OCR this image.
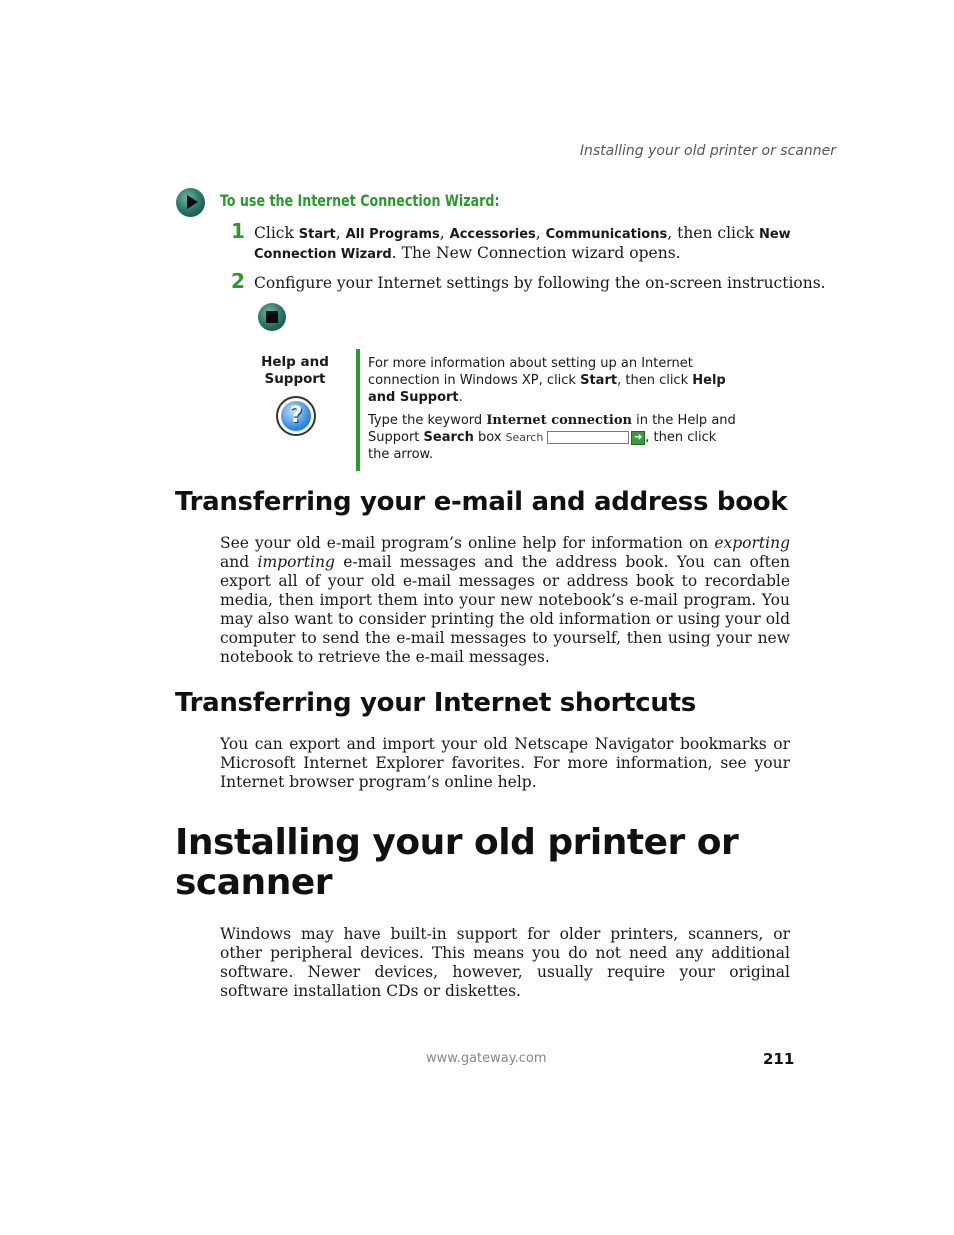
Installing your old printer or scanner
To use the Internet Connection Wizard:
1 Click Start, All Programs, Accessories, Communications, then click New Connection Wizard. The New Connection wizard opens.
2 Configure your Internet settings by following the on-screen instructions.
Help and Support
?
For more information about setting up an Internet connection in Windows XP, click Start, then click Help and Support.
Type the keyword Internet connection in the Help and Support Search box Search	➔ , then click the arrow.
Transferring your e-mail and address book
See your old e-mail program’s online help for information on exporting and importing e-mail messages and the address book. You can often export all of your old e-mail messages or address book to recordable media, then import them into your new notebook’s e-mail program. You may also want to consider printing the old information or using your old computer to send the e-mail messages to yourself, then using your new notebook to retrieve the e-mail messages.
Transferring your Internet shortcuts
You can export and import your old Netscape Navigator bookmarks or Microsoft Internet Explorer favorites. For more information, see your Internet browser program’s online help.
Installing your old printer or scanner
Windows may have built-in support for older printers, scanners, or other peripheral devices. This means you do not need any additional software. Newer devices, however, usually require your original software installation CDs or diskettes.
www.gateway.com	211
